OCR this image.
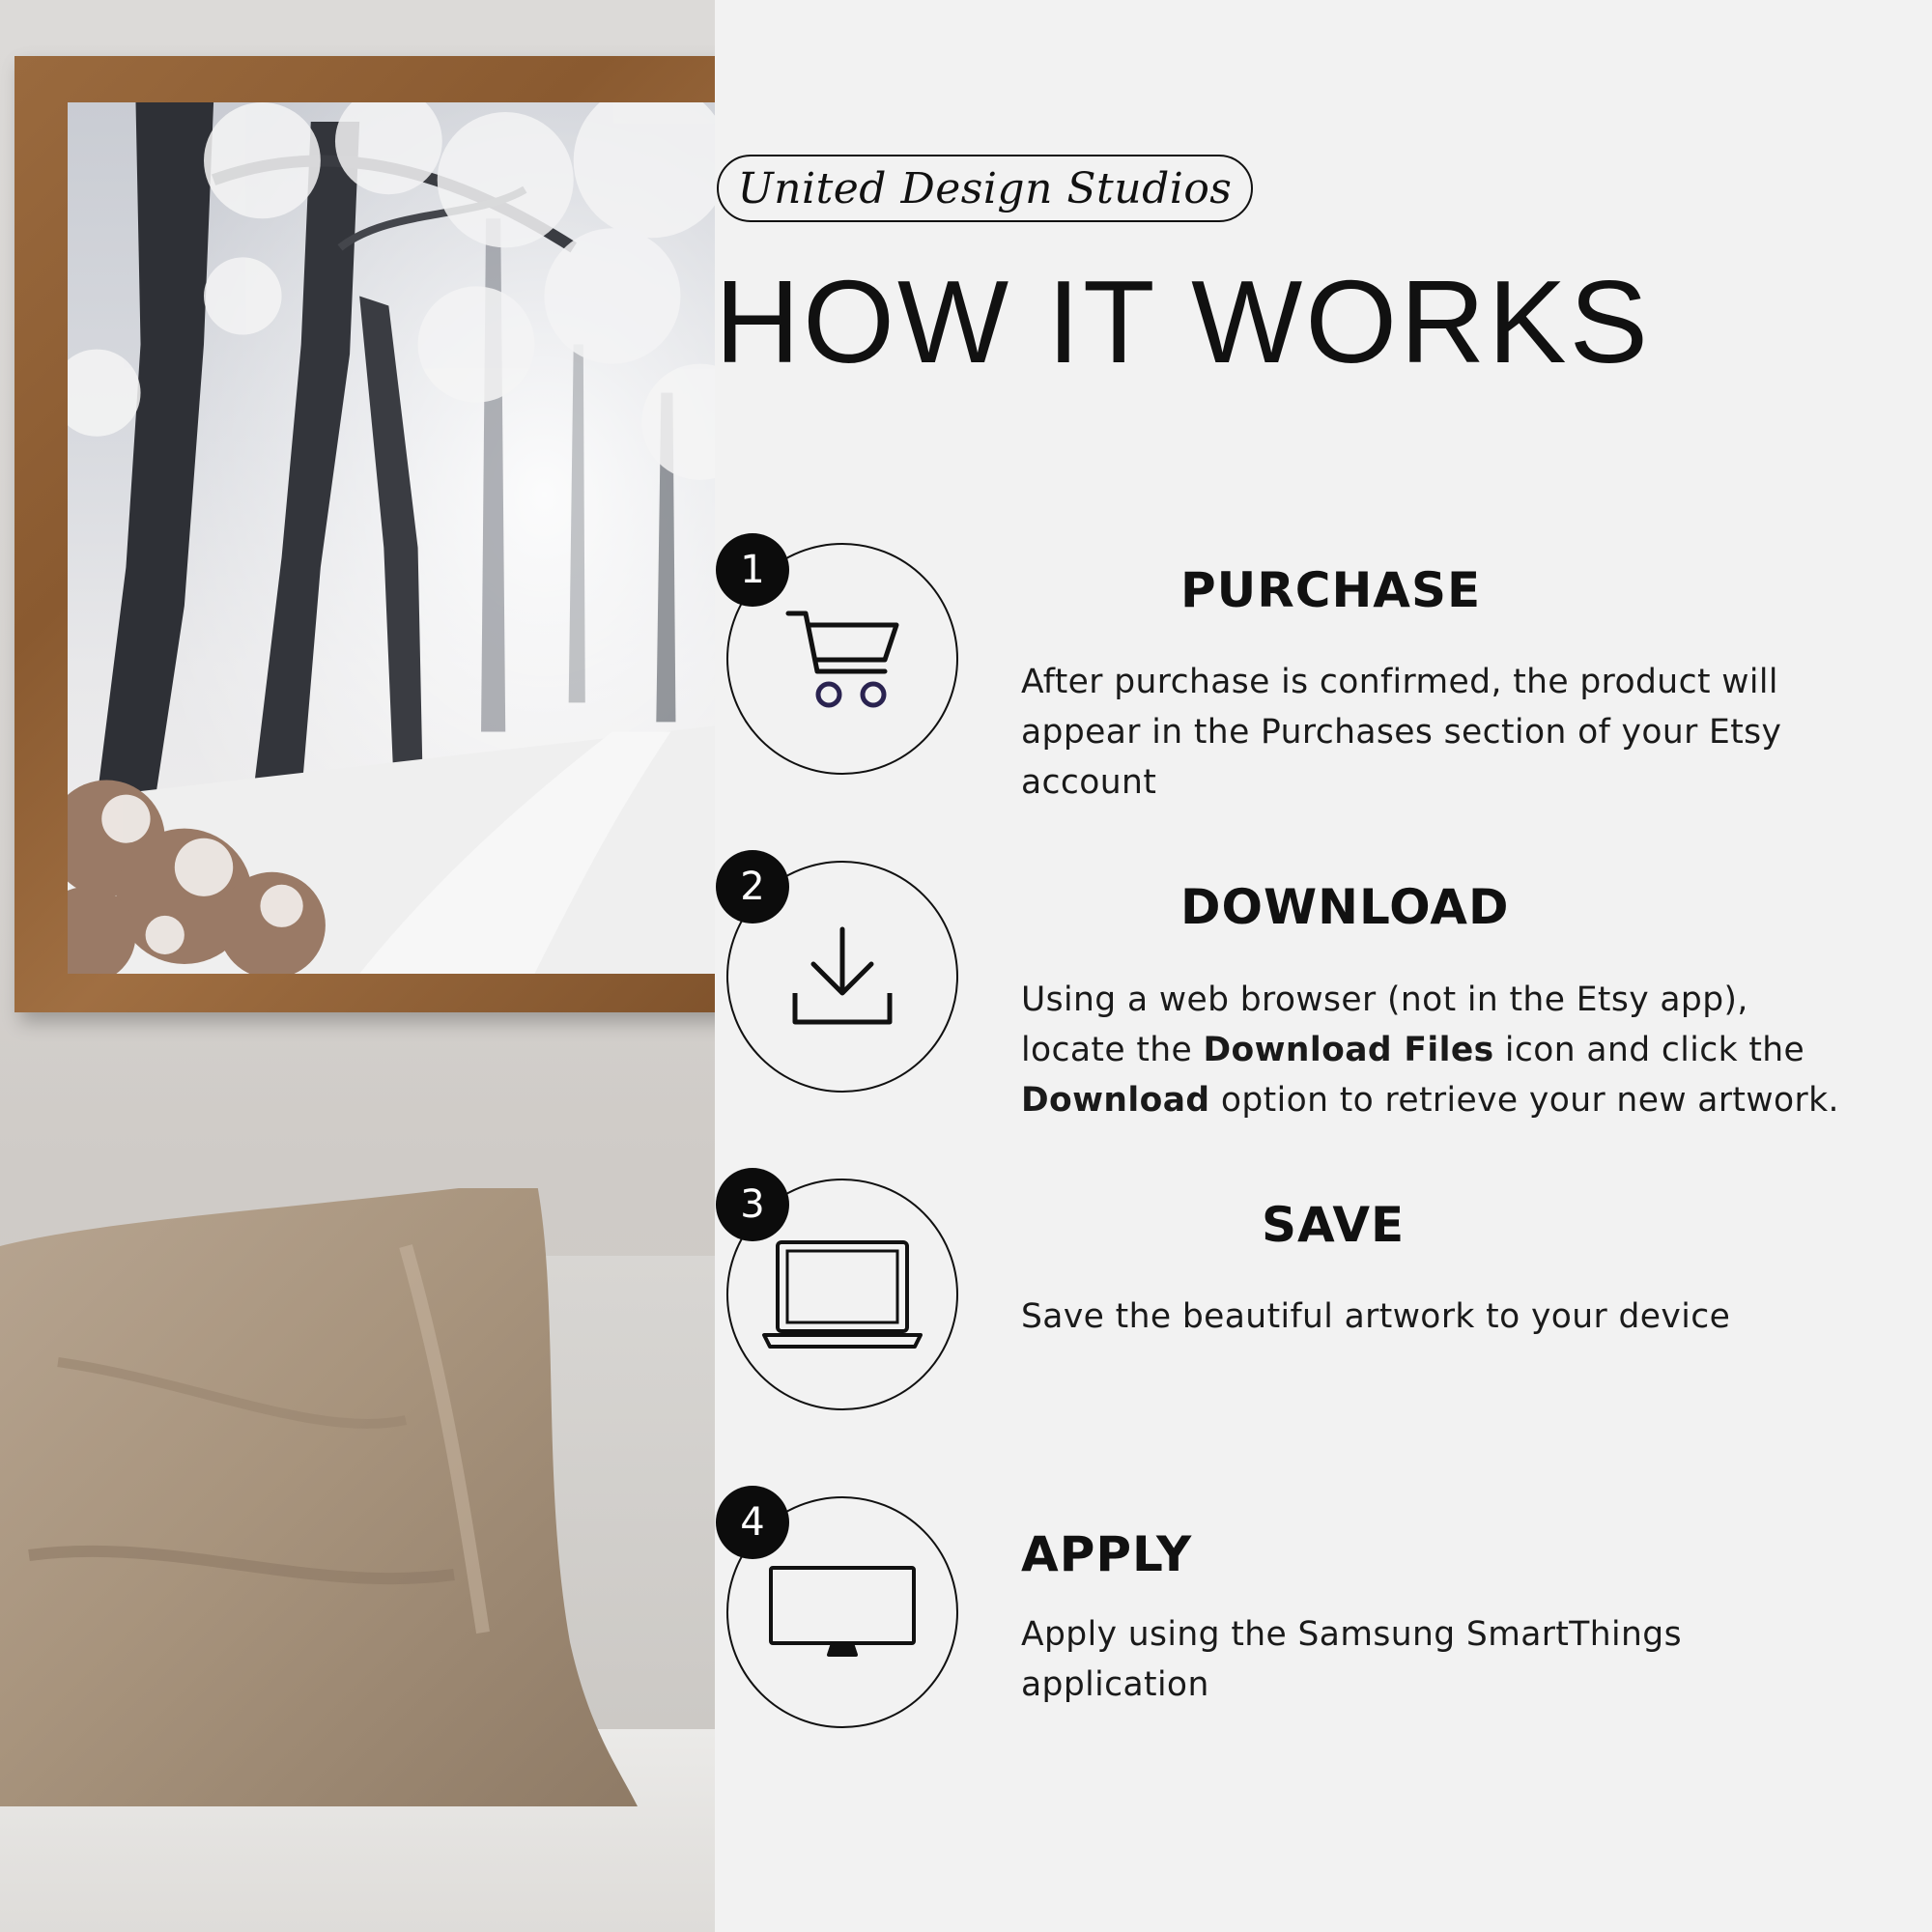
United Design Studios
HOW IT WORKS
1	PURCHASE

After purchase is confirmed, the product will appear in the Purchases section of your Etsy account

2	DOWNLOAD

Using a web browser (not in the Etsy app), locate the Download Files icon and click the Download option to retrieve your new artwork.

3	SAVE

Save the beautiful artwork to your device

4
APPLY

Apply using the Samsung SmartThings application
